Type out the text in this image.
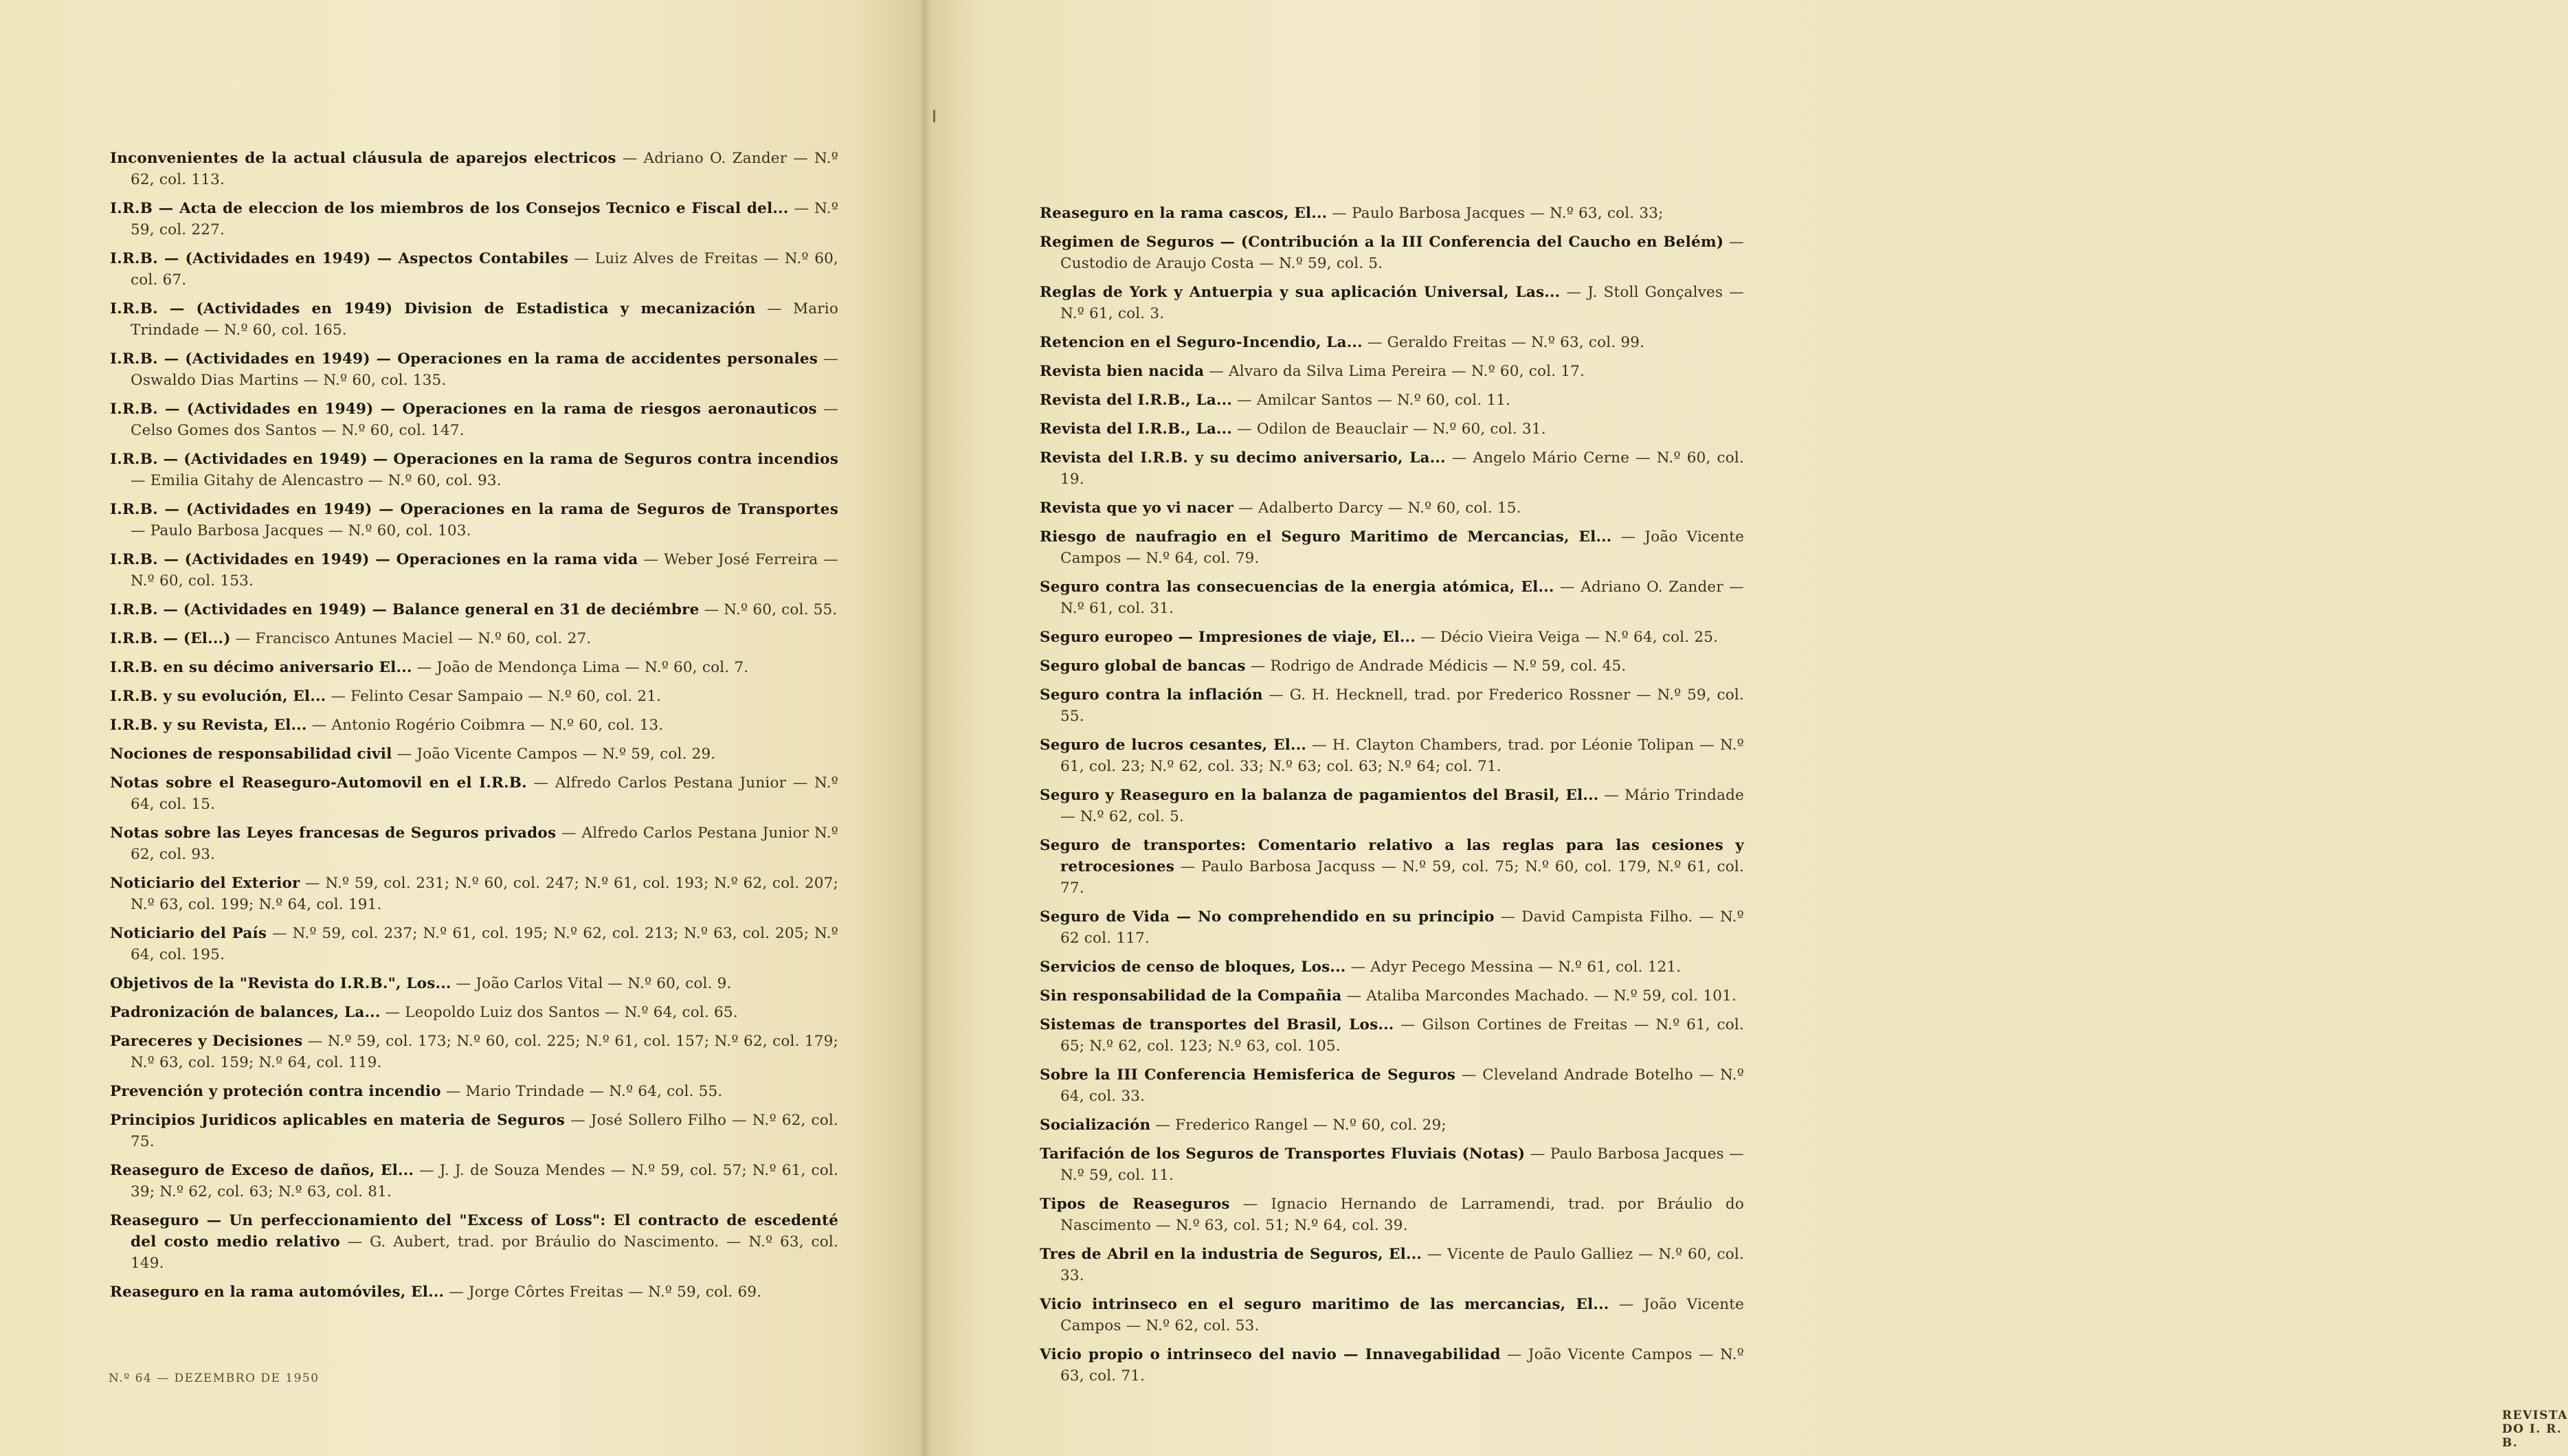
Inconvenientes de la actual cláusula de aparejos electricos — Adriano O. Zander — N.º 62, col. 113.
I.R.B — Acta de eleccion de los miembros de los Consejos Tecnico e Fiscal del... — N.º 59, col. 227.
I.R.B. — (Actividades en 1949) — Aspectos Contabiles — Luiz Alves de Freitas — N.º 60, col. 67.
I.R.B. — (Actividades en 1949) Division de Estadistica y mecanización — Mario Trindade — N.º 60, col. 165.
I.R.B. — (Actividades en 1949) — Operaciones en la rama de accidentes personales — Oswaldo Dias Martins — N.º 60, col. 135.
I.R.B. — (Actividades en 1949) — Operaciones en la rama de riesgos aeronauticos — Celso Gomes dos Santos — N.º 60, col. 147.
I.R.B. — (Actividades en 1949) — Operaciones en la rama de Seguros contra incendios — Emilia Gitahy de Alencastro — N.º 60, col. 93.
I.R.B. — (Actividades en 1949) — Operaciones en la rama de Seguros de Transportes — Paulo Barbosa Jacques — N.º 60, col. 103.
I.R.B. — (Actividades en 1949) — Operaciones en la rama vida — Weber José Ferreira — N.º 60, col. 153.
I.R.B. — (Actividades en 1949) — Balance general en 31 de deciémbre — N.º 60, col. 55.
I.R.B. — (El...) — Francisco Antunes Maciel — N.º 60, col. 27.
I.R.B. en su décimo aniversario El... — João de Mendonça Lima — N.º 60, col. 7.
I.R.B. y su evolución, El... — Felinto Cesar Sampaio — N.º 60, col. 21.
I.R.B. y su Revista, El... — Antonio Rogério Coibmra — N.º 60, col. 13.
Nociones de responsabilidad civil — João Vicente Campos — N.º 59, col. 29.
Notas sobre el Reaseguro-Automovil en el I.R.B. — Alfredo Carlos Pestana Junior — N.º 64, col. 15.
Notas sobre las Leyes francesas de Seguros privados — Alfredo Carlos Pestana Junior N.º 62, col. 93.
Noticiario del Exterior — N.º 59, col. 231; N.º 60, col. 247; N.º 61, col. 193; N.º 62, col. 207; N.º 63, col. 199; N.º 64, col. 191.
Noticiario del País — N.º 59, col. 237; N.º 61, col. 195; N.º 62, col. 213; N.º 63, col. 205; N.º 64, col. 195.
Objetivos de la "Revista do I.R.B.", Los... — João Carlos Vital — N.º 60, col. 9.
Padronización de balances, La... — Leopoldo Luiz dos Santos — N.º 64, col. 65.
Pareceres y Decisiones — N.º 59, col. 173; N.º 60, col. 225; N.º 61, col. 157; N.º 62, col. 179; N.º 63, col. 159; N.º 64, col. 119.
Prevención y proteción contra incendio — Mario Trindade — N.º 64, col. 55.
Principios Juridicos aplicables en materia de Seguros — José Sollero Filho — N.º 62, col. 75.
Reaseguro de Exceso de daños, El... — J. J. de Souza Mendes — N.º 59, col. 57; N.º 61, col. 39; N.º 62, col. 63; N.º 63, col. 81.
Reaseguro — Un perfeccionamiento del "Excess of Loss": El contracto de escedenté del costo medio relativo — G. Aubert, trad. por Bráulio do Nascimento. — N.º 63, col. 149.
Reaseguro en la rama automóviles, El... — Jorge Côrtes Freitas — N.º 59, col. 69.
N.º 64 — DEZEMBRO DE 1950
REVISTA DO I. R. B.
Reaseguro en la rama cascos, El... — Paulo Barbosa Jacques — N.º 63, col. 33;
Regimen de Seguros — (Contribución a la III Conferencia del Caucho en Belém) — Custodio de Araujo Costa — N.º 59, col. 5.
Reglas de York y Antuerpia y sua aplicación Universal, Las... — J. Stoll Gonçalves — N.º 61, col. 3.
Retencion en el Seguro-Incendio, La... — Geraldo Freitas — N.º 63, col. 99.
Revista bien nacida — Alvaro da Silva Lima Pereira — N.º 60, col. 17.
Revista del I.R.B., La... — Amilcar Santos — N.º 60, col. 11.
Revista del I.R.B., La... — Odilon de Beauclair — N.º 60, col. 31.
Revista del I.R.B. y su decimo aniversario, La... — Angelo Mário Cerne — N.º 60, col. 19.
Revista que yo vi nacer — Adalberto Darcy — N.º 60, col. 15.
Riesgo de naufragio en el Seguro Maritimo de Mercancias, El... — João Vicente Campos — N.º 64, col. 79.
Seguro contra las consecuencias de la energia atómica, El... — Adriano O. Zander — N.º 61, col. 31.
Seguro europeo — Impresiones de viaje, El... — Décio Vieira Veiga — N.º 64, col. 25.
Seguro global de bancas — Rodrigo de Andrade Médicis — N.º 59, col. 45.
Seguro contra la inflación — G. H. Hecknell, trad. por Frederico Rossner — N.º 59, col. 55.
Seguro de lucros cesantes, El... — H. Clayton Chambers, trad. por Léonie Tolipan — N.º 61, col. 23; N.º 62, col. 33; N.º 63; col. 63; N.º 64; col. 71.
Seguro y Reaseguro en la balanza de pagamientos del Brasil, El... — Mário Trindade — N.º 62, col. 5.
Seguro de transportes: Comentario relativo a las reglas para las cesiones y retrocesiones — Paulo Barbosa Jacquss — N.º 59, col. 75; N.º 60, col. 179, N.º 61, col. 77.
Seguro de Vida — No comprehendido en su principio — David Campista Filho. — N.º 62 col. 117.
Servicios de censo de bloques, Los... — Adyr Pecego Messina — N.º 61, col. 121.
Sin responsabilidad de la Compañia — Ataliba Marcondes Machado. — N.º 59, col. 101.
Sistemas de transportes del Brasil, Los... — Gilson Cortines de Freitas — N.º 61, col. 65; N.º 62, col. 123; N.º 63, col. 105.
Sobre la III Conferencia Hemisferica de Seguros — Cleveland Andrade Botelho — N.º 64, col. 33.
Socialización — Frederico Rangel — N.º 60, col. 29;
Tarifación de los Seguros de Transportes Fluviais (Notas) — Paulo Barbosa Jacques — N.º 59, col. 11.
Tipos de Reaseguros — Ignacio Hernando de Larramendi, trad. por Bráulio do Nascimento — N.º 63, col. 51; N.º 64, col. 39.
Tres de Abril en la industria de Seguros, El... — Vicente de Paulo Galliez — N.º 60, col. 33.
Vicio intrinseco en el seguro maritimo de las mercancias, El... — João Vicente Campos — N.º 62, col. 53.
Vicio propio o intrinseco del navio — Innavegabilidad — João Vicente Campos — N.º 63, col. 71.
